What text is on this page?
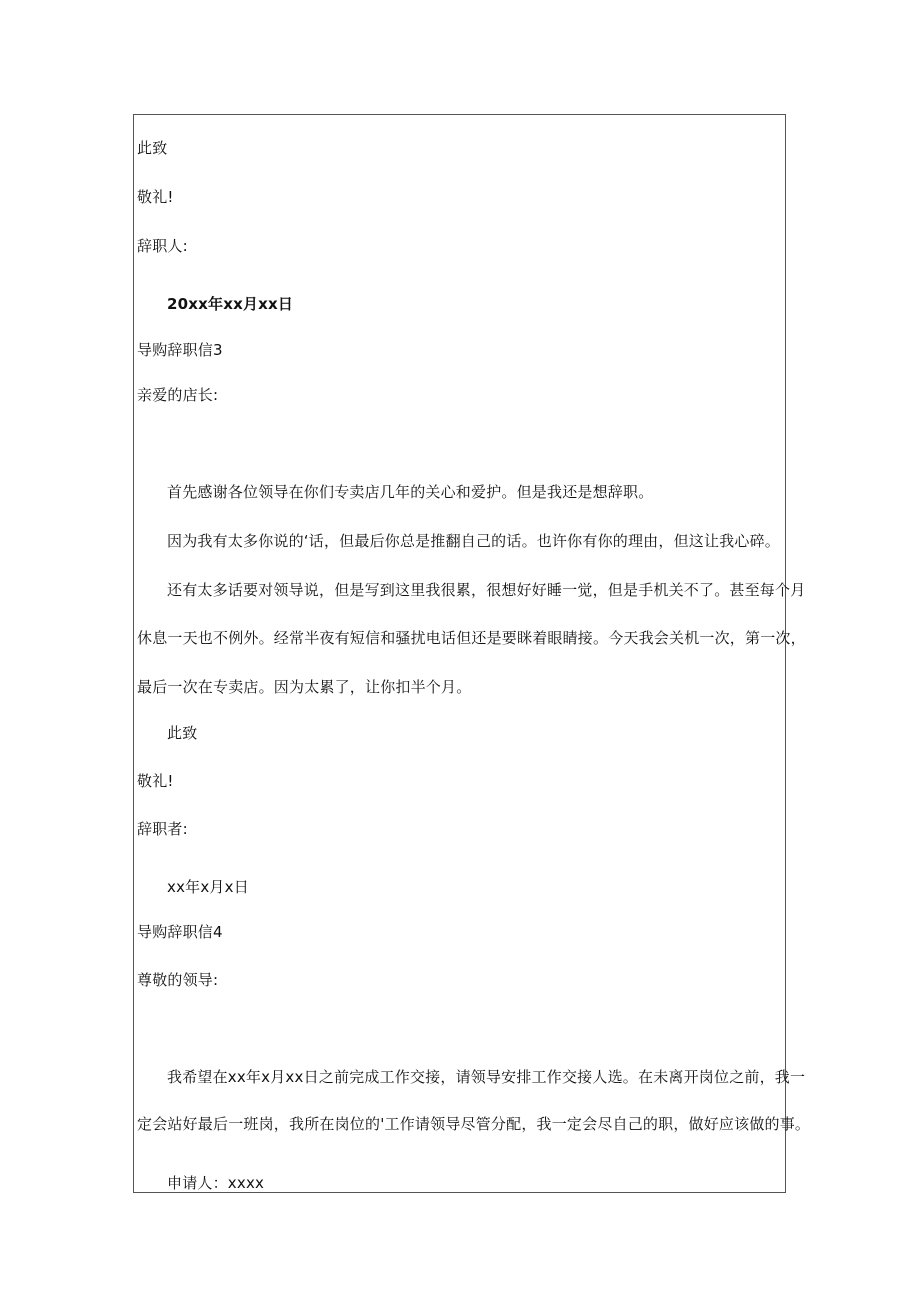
此致
敬礼!
辞职人:
20xx年xx月xx日
导购辞职信3
亲爱的店长:
首先感谢各位领导在你们专卖店几年的关心和爱护。但是我还是想辞职。
因为我有太多你说的‘话，但最后你总是推翻自己的话。也许你有你的理由，但这让我心碎。
还有太多话要对领导说，但是写到这里我很累，很想好好睡一觉，但是手机关不了。甚至每个月
休息一天也不例外。经常半夜有短信和骚扰电话但还是要眯着眼睛接。今天我会关机一次，第一次，
最后一次在专卖店。因为太累了，让你扣半个月。
此致
敬礼!
辞职者:
xx年x月x日
导购辞职信4
尊敬的领导:
我希望在xx年x月xx日之前完成工作交接，请领导安排工作交接人选。在未离开岗位之前，我一
定会站好最后一班岗，我所在岗位的'工作请领导尽管分配，我一定会尽自己的职，做好应该做的事。
申请人：xxxx
